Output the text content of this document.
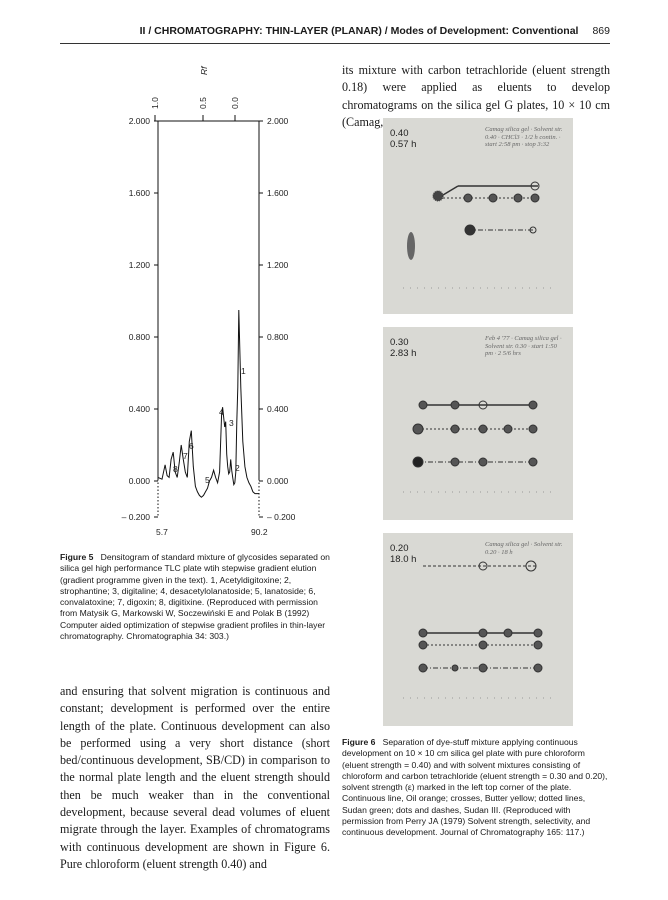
II / CHROMATOGRAPHY: THIN-LAYER (PLANAR) / Modes of Development: Conventional 869
2.000	2.000
1.600	1.600
1.200	1.200
0.800	0.800
0.400	0.400
0.000	0.000
– 0.200	– 0.200
1.0	0.5	0.0
Rf
5.7	90.2
1
2
3
4
5
6
7
8
Figure 5 Densitogram of standard mixture of glycosides separated on silica gel high performance TLC plate wtih stepwise gradient elution (gradient programme given in the text). 1, Acetyldigitoxine; 2, strophantine; 3, digitaline; 4, desacetylolanatoside; 5, lanatoside; 6, convalatoxine; 7, digoxin; 8, digitixine. (Reproduced with permission from Matysik G, Markowski W, Soczewiński E and Polak B (1992) Computer aided optimization of stepwise gradient profiles in thin-layer chromatography. Chromatographia 34: 303.)
and ensuring that solvent migration is continuous and constant; development is performed over the entire length of the plate. Continuous development can also be performed using a very short distance (short bed/continuous development, SB/CD) in comparison to the normal plate length and the eluent strength should then be much weaker than in the conventional development, because several dead volumes of eluent migrate through the layer. Examples of chromatograms with continuous development are shown in Figure 6. Pure chloroform (eluent strength 0.40) and
its mixture with carbon tetrachloride (eluent strength 0.18) were applied as eluents to develop chromatograms on the silica gel G plates, 10 × 10 cm (Camag,
0.40
0.57 h
Camag silica gel · Solvent str. 0.40 · CHCl3 · 1/2 h contin. · start 2:58 pm · stop 3:32
0.30
2.83 h
Feb 4 '77 · Camag silica gel · Solvent str. 0.30 · start 1:50 pm · 2 5/6 hrs
0.20
18.0 h
Camag silica gel · Solvent str. 0.20 · 18 h
Figure 6 Separation of dye-stuff mixture applying continuous development on 10 × 10 cm silica gel plate with pure chloroform (eluent strength = 0.40) and with solvent mixtures consisting of chloroform and carbon tetrachloride (eluent strength = 0.30 and 0.20), solvent strength (ε) marked in the left top corner of the plate. Continuous line, Oil orange; crosses, Butter yellow; dotted lines, Sudan green; dots and dashes, Sudan III. (Reproduced with permission from Perry JA (1979) Solvent strength, selectivity, and continuous development. Journal of Chromatography 165: 117.)
